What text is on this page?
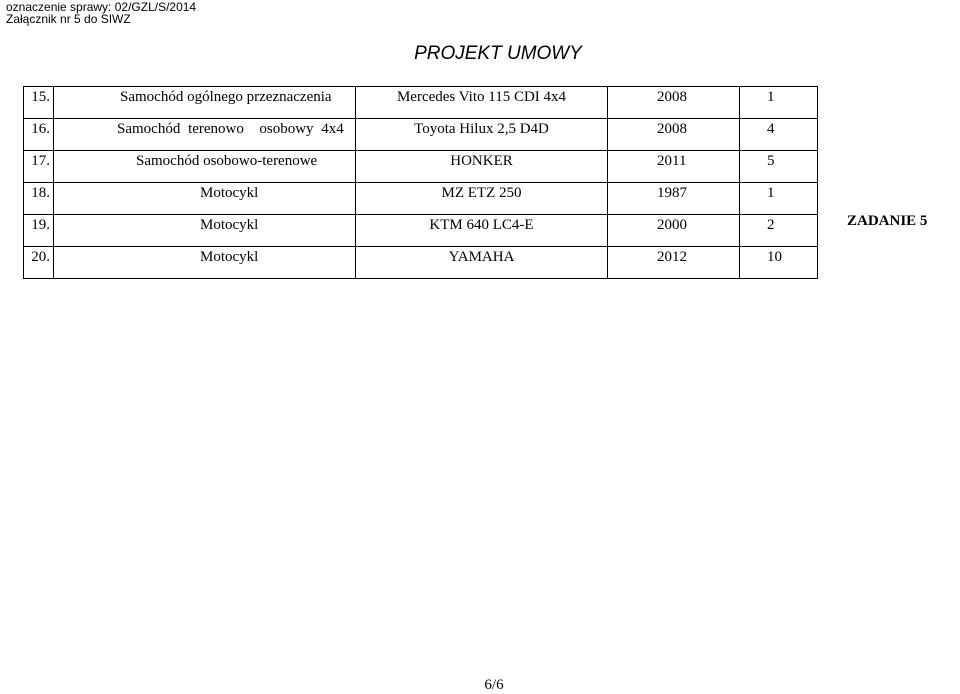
oznaczenie sprawy: 02/GZL/S/2014
Załącznik nr 5 do SIWZ
PROJEKT UMOWY
15.	Samochód ogólnego przeznaczenia	Mercedes Vito 115 CDI 4x4	2008	1
16.	Samochód terenowo  osobowy 4x4	Toyota Hilux 2,5 D4D	2008	4
17.	Samochód osobowo-terenowe	HONKER	2011	5
18.	Motocykl	MZ ETZ 250	1987	1
19.	Motocykl	KTM 640 LC4-E	2000	2
20.	Motocykl	YAMAHA	2012	10
ZADANIE 5
6/6
